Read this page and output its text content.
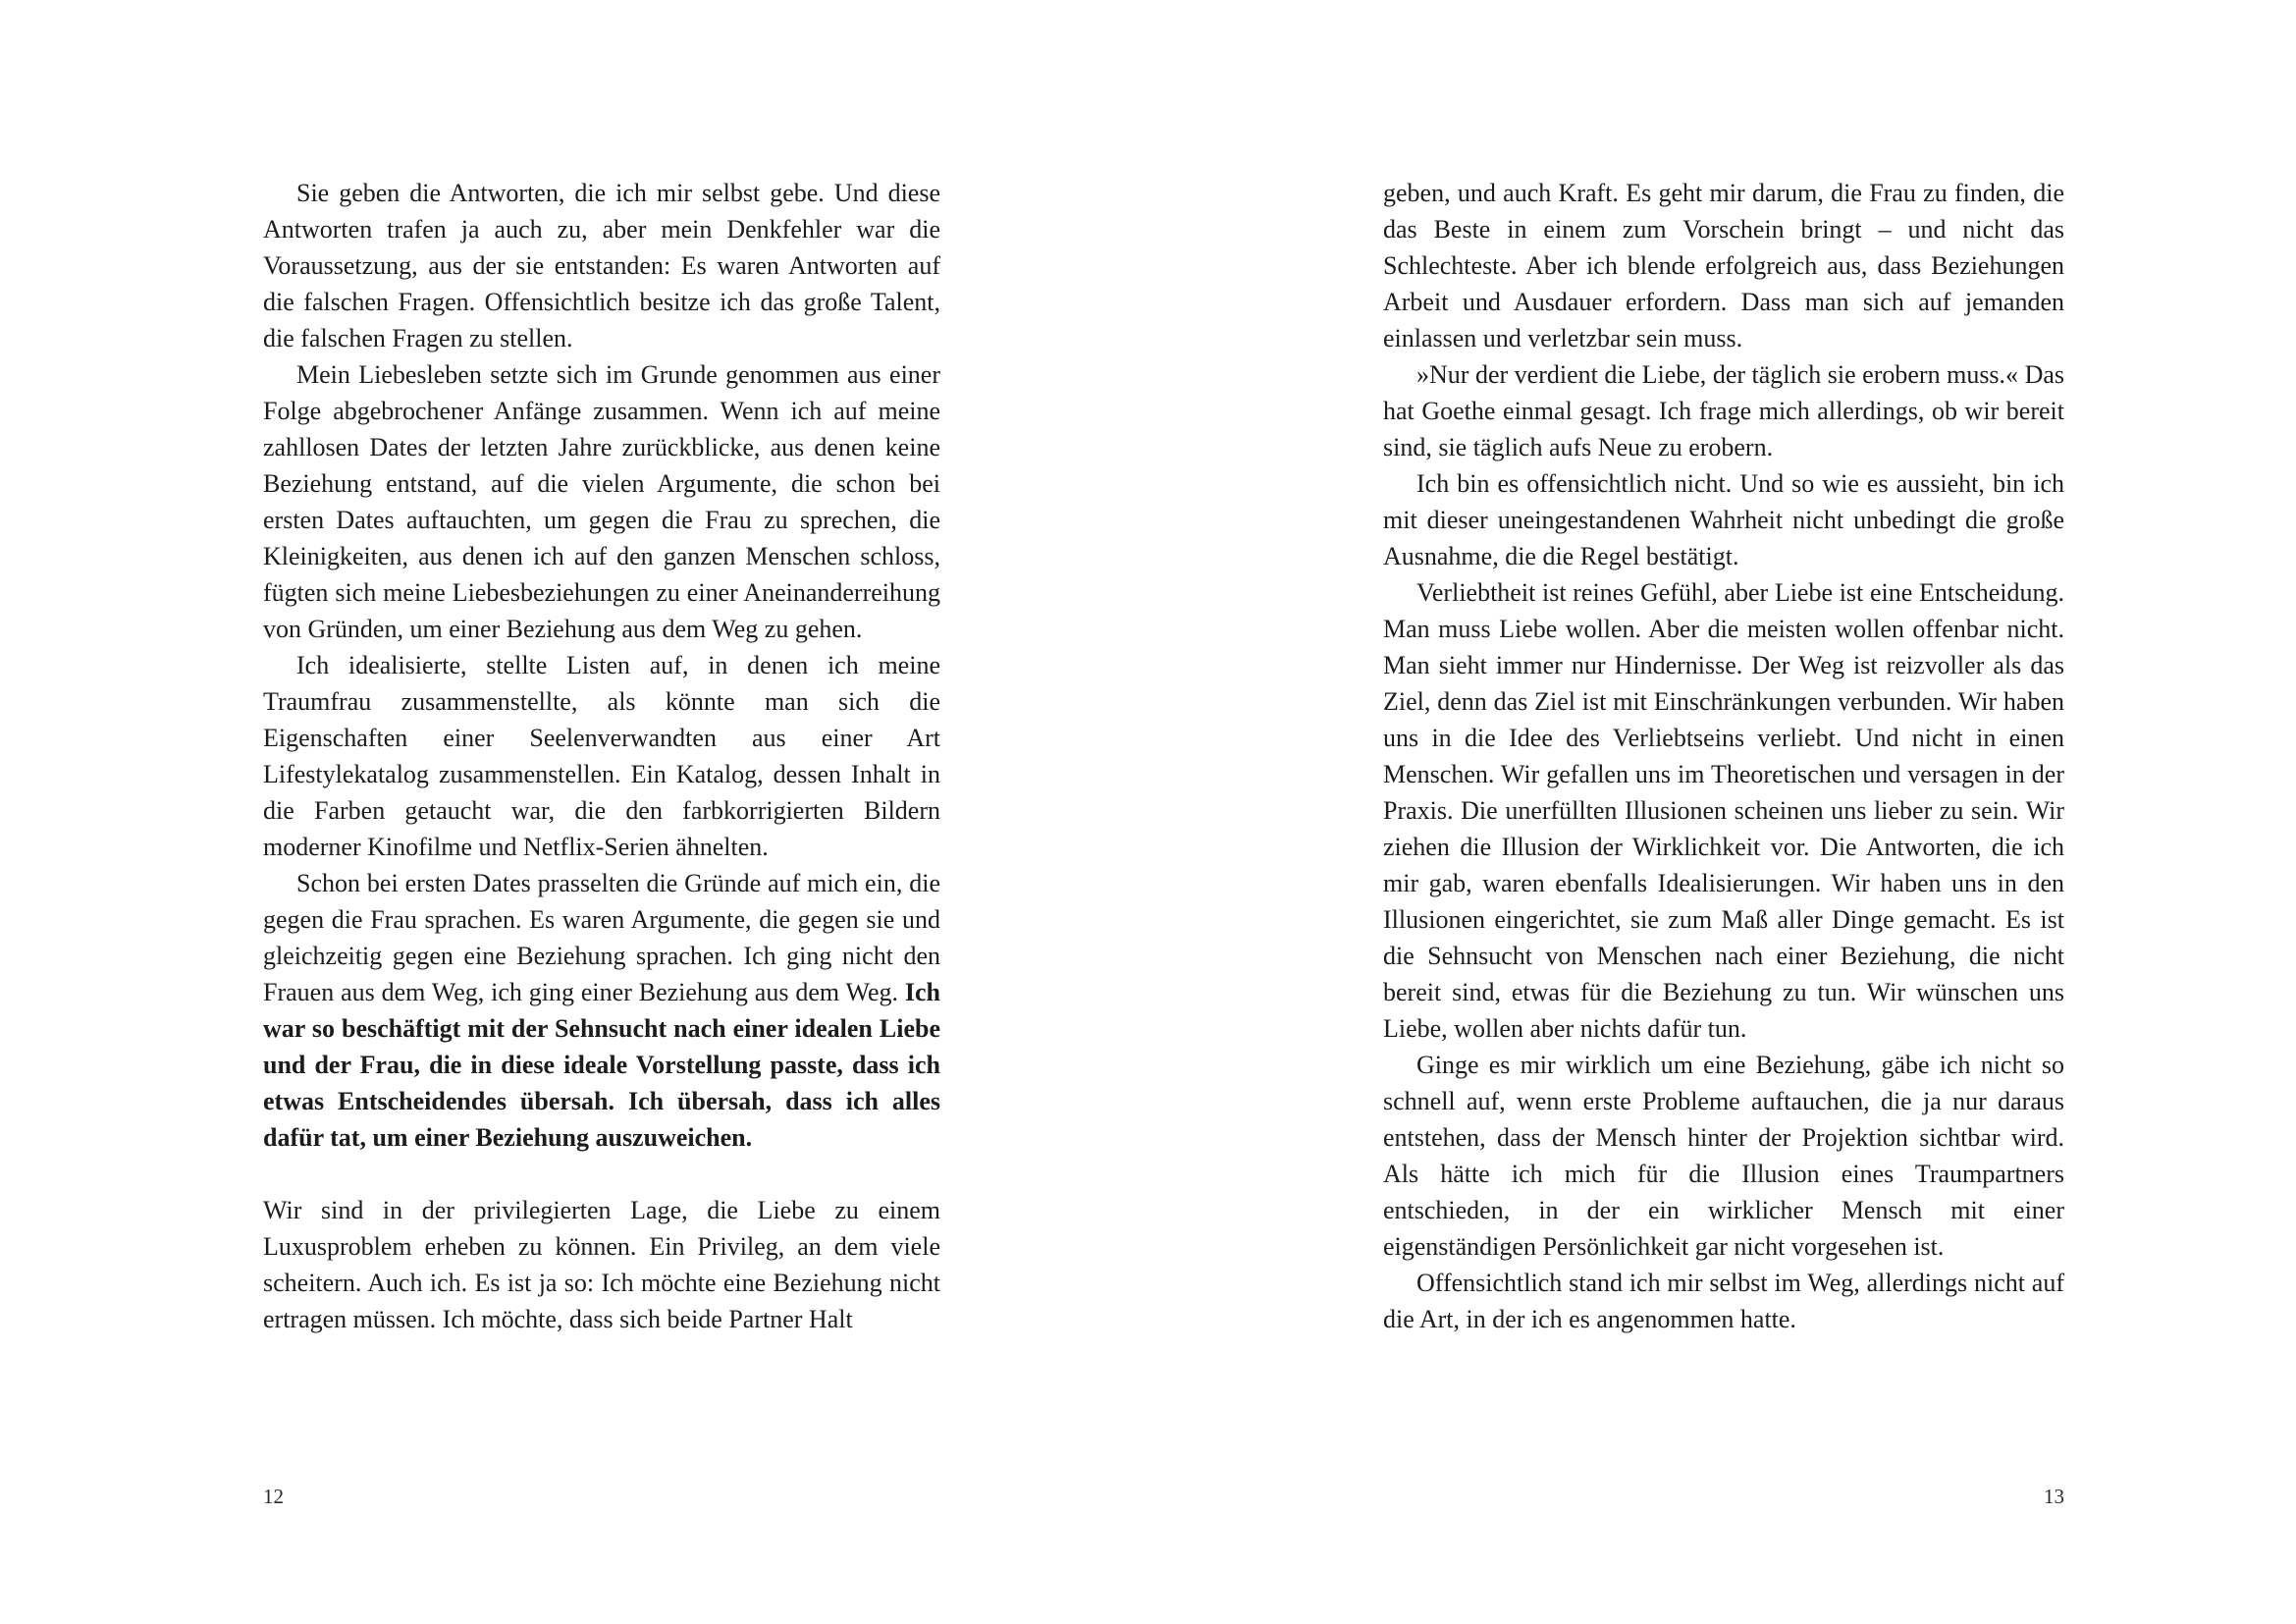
Sie geben die Antworten, die ich mir selbst gebe. Und diese Antworten trafen ja auch zu, aber mein Denkfehler war die Voraussetzung, aus der sie entstanden: Es waren Antworten auf die falschen Fragen. Offensichtlich besitze ich das große Talent, die falschen Fragen zu stellen.

Mein Liebesleben setzte sich im Grunde genommen aus einer Folge abgebrochener Anfänge zusammen. Wenn ich auf meine zahllosen Dates der letzten Jahre zurückblicke, aus denen keine Beziehung entstand, auf die vielen Argumente, die schon bei ersten Dates auftauchten, um gegen die Frau zu sprechen, die Kleinigkeiten, aus denen ich auf den ganzen Menschen schloss, fügten sich meine Liebesbeziehungen zu einer Aneinanderreihung von Gründen, um einer Beziehung aus dem Weg zu gehen.

Ich idealisierte, stellte Listen auf, in denen ich meine Traumfrau zusammenstellte, als könnte man sich die Eigenschaften einer Seelenverwandten aus einer Art Lifestylekatalog zusammenstellen. Ein Katalog, dessen Inhalt in die Farben getaucht war, die den farbkorrigierten Bildern moderner Kinofilme und Netflix-Serien ähnelten.

Schon bei ersten Dates prasselten die Gründe auf mich ein, die gegen die Frau sprachen. Es waren Argumente, die gegen sie und gleichzeitig gegen eine Beziehung sprachen. Ich ging nicht den Frauen aus dem Weg, ich ging einer Beziehung aus dem Weg. Ich war so beschäftigt mit der Sehnsucht nach einer idealen Liebe und der Frau, die in diese ideale Vorstellung passte, dass ich etwas Entscheidendes übersah. Ich übersah, dass ich alles dafür tat, um einer Beziehung auszuweichen.

Wir sind in der privilegierten Lage, die Liebe zu einem Luxusproblem erheben zu können. Ein Privileg, an dem viele scheitern. Auch ich. Es ist ja so: Ich möchte eine Beziehung nicht ertragen müssen. Ich möchte, dass sich beide Partner Halt

12

geben, und auch Kraft. Es geht mir darum, die Frau zu finden, die das Beste in einem zum Vorschein bringt – und nicht das Schlechteste. Aber ich blende erfolgreich aus, dass Beziehungen Arbeit und Ausdauer erfordern. Dass man sich auf jemanden einlassen und verletzbar sein muss.

»Nur der verdient die Liebe, der täglich sie erobern muss.« Das hat Goethe einmal gesagt. Ich frage mich allerdings, ob wir bereit sind, sie täglich aufs Neue zu erobern.

Ich bin es offensichtlich nicht. Und so wie es aussieht, bin ich mit dieser uneingestandenen Wahrheit nicht unbedingt die große Ausnahme, die die Regel bestätigt.

Verliebtheit ist reines Gefühl, aber Liebe ist eine Entscheidung. Man muss Liebe wollen. Aber die meisten wollen offenbar nicht. Man sieht immer nur Hindernisse. Der Weg ist reizvoller als das Ziel, denn das Ziel ist mit Einschränkungen verbunden. Wir haben uns in die Idee des Verliebtseins verliebt. Und nicht in einen Menschen. Wir gefallen uns im Theoretischen und versagen in der Praxis. Die unerfüllten Illusionen scheinen uns lieber zu sein. Wir ziehen die Illusion der Wirklichkeit vor. Die Antworten, die ich mir gab, waren ebenfalls Idealisierungen. Wir haben uns in den Illusionen eingerichtet, sie zum Maß aller Dinge gemacht. Es ist die Sehnsucht von Menschen nach einer Beziehung, die nicht bereit sind, etwas für die Beziehung zu tun. Wir wünschen uns Liebe, wollen aber nichts dafür tun.

Ginge es mir wirklich um eine Beziehung, gäbe ich nicht so schnell auf, wenn erste Probleme auftauchen, die ja nur daraus entstehen, dass der Mensch hinter der Projektion sichtbar wird. Als hätte ich mich für die Illusion eines Traumpartners entschieden, in der ein wirklicher Mensch mit einer eigenständigen Persönlichkeit gar nicht vorgesehen ist.

Offensichtlich stand ich mir selbst im Weg, allerdings nicht auf die Art, in der ich es angenommen hatte.

13
